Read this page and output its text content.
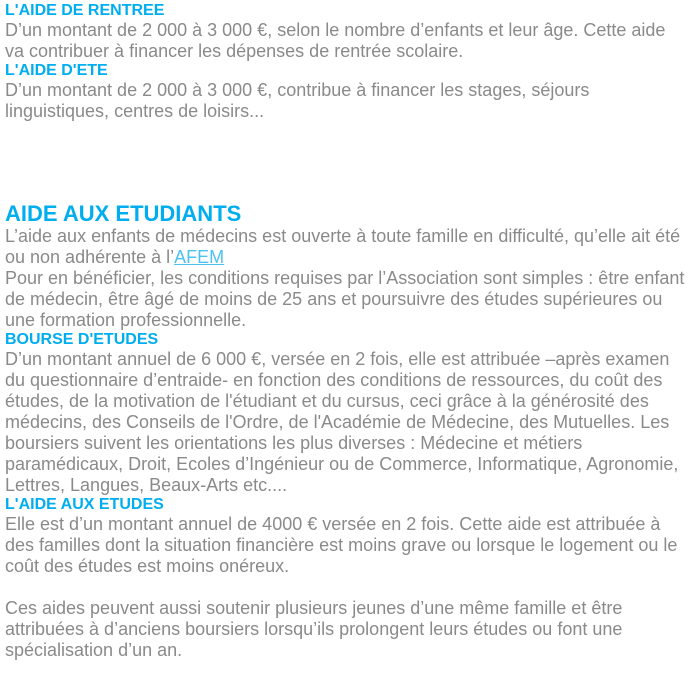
L'AIDE DE RENTREE

D’un montant de 2 000 à 3 000 €, selon le nombre d’enfants et leur âge. Cette aide va contribuer à financer les dépenses de rentrée scolaire.

L'AIDE D'ETE

D’un montant de 2 000 à 3 000 €, contribue à financer les stages, séjours linguistiques, centres de loisirs...

AIDE AUX ETUDIANTS

L’aide aux enfants de médecins est ouverte à toute famille en difficulté, qu’elle ait été ou non adhérente à l’AFEM

Pour en bénéficier, les conditions requises par l’Association sont simples : être enfant de médecin, être âgé de moins de 25 ans et poursuivre des études supérieures ou une formation professionnelle.

BOURSE D'ETUDES

D’un montant annuel de 6 000 €, versée en 2 fois, elle est attribuée –après examen du questionnaire d’entraide- en fonction des conditions de ressources, du coût des études, de la motivation de l'étudiant et du cursus, ceci grâce à la générosité des médecins, des Conseils de l'Ordre, de l'Académie de Médecine, des Mutuelles. Les boursiers suivent les orientations les plus diverses : Médecine et métiers paramédicaux, Droit, Ecoles d’Ingénieur ou de Commerce, Informatique, Agronomie, Lettres, Langues, Beaux-Arts etc....

L'AIDE AUX ETUDES

Elle est d’un montant annuel de 4000 € versée en 2 fois. Cette aide est attribuée à des familles dont la situation financière est moins grave ou lorsque le logement ou le coût des études est moins onéreux.

Ces aides peuvent aussi soutenir plusieurs jeunes d’une même famille et être attribuées à d’anciens boursiers lorsqu’ils prolongent leurs études ou font une spécialisation d’un an.
